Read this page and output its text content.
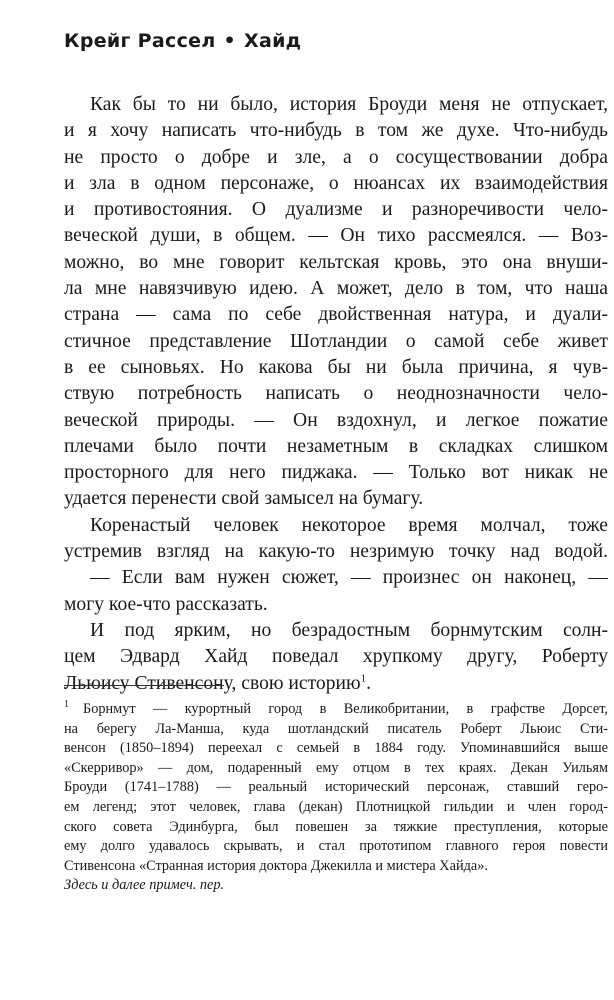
Крейг Рассел • Хайд
Как бы то ни было, история Броуди меня не отпускает,
и я хочу написать что-нибудь в том же духе. Что-нибудь
не просто о добре и зле, а о сосуществовании добра
и зла в одном персонаже, о нюансах их взаимодействия
и противостояния. О дуализме и разноречивости чело-
веческой души, в общем. — Он тихо рассмеялся. — Воз-
можно, во мне говорит кельтская кровь, это она внуши-
ла мне навязчивую идею. А может, дело в том, что наша
страна — сама по себе двойственная натура, и дуали-
стичное представление Шотландии о самой себе живет
в ее сыновьях. Но какова бы ни была причина, я чув-
ствую потребность написать о неоднозначности чело-
веческой природы. — Он вздохнул, и легкое пожатие
плечами было почти незаметным в складках слишком
просторного для него пиджака. — Только вот никак не
удается перенести свой замысел на бумагу.
Коренастый человек некоторое время молчал, тоже
устремив взгляд на какую-то незримую точку над водой.
— Если вам нужен сюжет, — произнес он наконец, —
могу кое-что рассказать.
И под ярким, но безрадостным борнмутским солн-
цем Эдвард Хайд поведал хрупкому другу, Роберту
Льюису Стивенсону, свою историю$^1$.
1 Борнмут — курортный город в Великобритании, в графстве Дорсет,
на берегу Ла-Манша, куда шотландский писатель Роберт Льюис Сти-
венсон (1850–1894) переехал с семьей в 1884 году. Упоминавшийся выше
«Скерривор» — дом, подаренный ему отцом в тех краях. Декан Уильям
Броуди (1741–1788) — реальный исторический персонаж, ставший геро-
ем легенд; этот человек, глава (декан) Плотницкой гильдии и член город-
ского совета Эдинбурга, был повешен за тяжкие преступления, которые
ему долго удавалось скрывать, и стал прототипом главного героя повести
Стивенсона «Странная история доктора Джекилла и мистера Хайда».
Здесь и далее примеч. пер.
